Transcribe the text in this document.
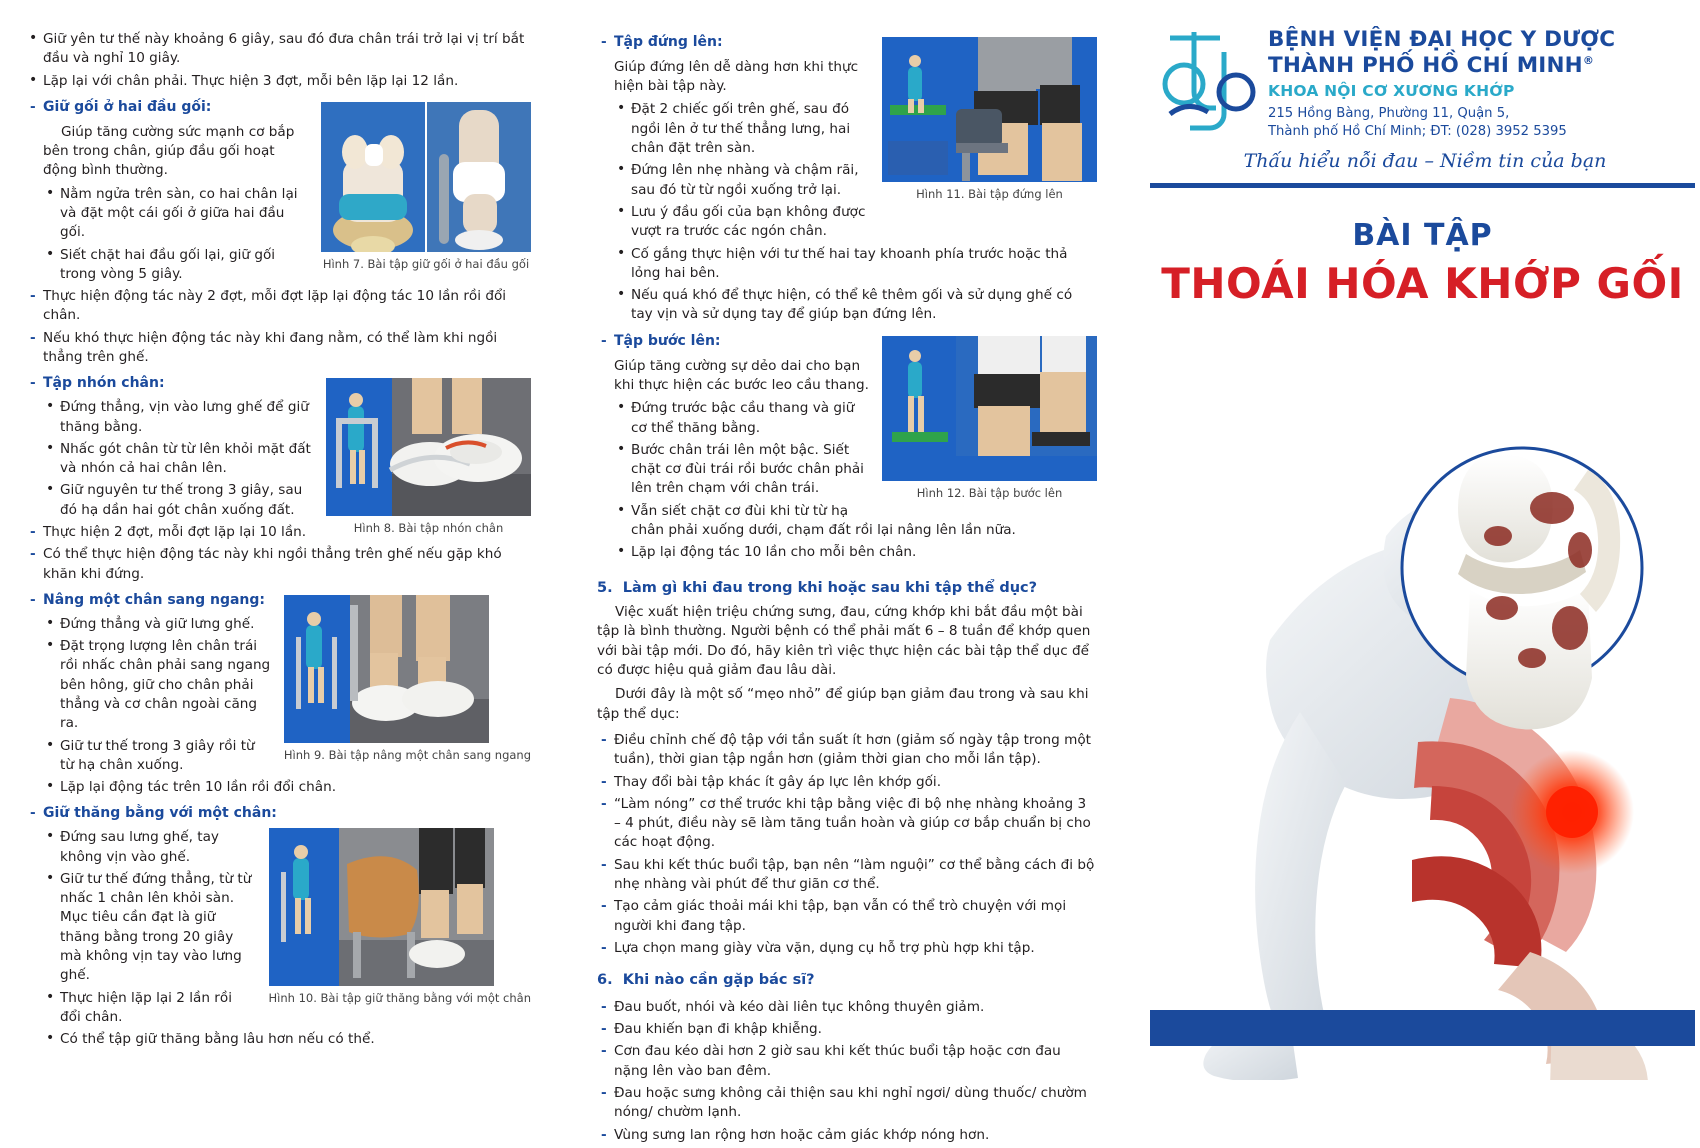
• Giữ yên tư thế này khoảng 6 giây, sau đó đưa chân trái trở lại vị trí bắt đầu và nghỉ 10 giây.
• Lặp lại với chân phải. Thực hiện 3 đợt, mỗi bên lặp lại 12 lần.
- Giữ gối ở hai đầu gối:
Hình 7. Bài tập giữ gối ở hai đầu gối
Giúp tăng cường sức mạnh cơ bắp bên trong chân, giúp đầu gối hoạt động bình thường.
• Nằm ngửa trên sàn, co hai chân lại và đặt một cái gối ở giữa hai đầu gối.
• Siết chặt hai đầu gối lại, giữ gối trong vòng 5 giây.
- Thực hiện động tác này 2 đợt, mỗi đợt lặp lại động tác 10 lần rồi đổi chân.
- Nếu khó thực hiện động tác này khi đang nằm, có thể làm khi ngồi thẳng trên ghế.
- Tập nhón chân:
Hình 8. Bài tập nhón chân
• Đứng thẳng, vịn vào lưng ghế để giữ thăng bằng.
• Nhấc gót chân từ từ lên khỏi mặt đất và nhón cả hai chân lên.
• Giữ nguyên tư thế trong 3 giây, sau đó hạ dần hai gót chân xuống đất.
- Thực hiện 2 đợt, mỗi đợt lặp lại 10 lần.
- Có thể thực hiện động tác này khi ngồi thẳng trên ghế nếu gặp khó khăn khi đứng.
- Nâng một chân sang ngang:
Hình 9. Bài tập nâng một chân sang ngang
• Đứng thẳng và giữ lưng ghế.
• Đặt trọng lượng lên chân trái rồi nhấc chân phải sang ngang bên hông, giữ cho chân phải thẳng và cơ chân ngoài căng ra.
• Giữ tư thế trong 3 giây rồi từ từ hạ chân xuống.
• Lặp lại động tác trên 10 lần rồi đổi chân.
- Giữ thăng bằng với một chân:
Hình 10. Bài tập giữ thăng bằng với một chân
• Đứng sau lưng ghế, tay không vịn vào ghế.
• Giữ tư thế đứng thẳng, từ từ nhấc 1 chân lên khỏi sàn. Mục tiêu cần đạt là giữ thăng bằng trong 20 giây mà không vịn tay vào lưng ghế.
• Thực hiện lặp lại 2 lần rồi đổi chân.
• Có thể tập giữ thăng bằng lâu hơn nếu có thể.
- Tập đứng lên:
Hình 11. Bài tập đứng lên
Giúp đứng lên dễ dàng hơn khi thực hiện bài tập này.
• Đặt 2 chiếc gối trên ghế, sau đó ngồi lên ở tư thế thẳng lưng, hai chân đặt trên sàn.
• Đứng lên nhẹ nhàng và chậm rãi, sau đó từ từ ngồi xuống trở lại.
• Lưu ý đầu gối của bạn không được vượt ra trước các ngón chân.
• Cố gắng thực hiện với tư thế hai tay khoanh phía trước hoặc thả lỏng hai bên.
• Nếu quá khó để thực hiện, có thể kê thêm gối và sử dụng ghế có tay vịn và sử dụng tay để giúp bạn đứng lên.
- Tập bước lên:
Hình 12. Bài tập bước lên
Giúp tăng cường sự dẻo dai cho bạn khi thực hiện các bước leo cầu thang.
• Đứng trước bậc cầu thang và giữ cơ thể thăng bằng.
• Bước chân trái lên một bậc. Siết chặt cơ đùi trái rồi bước chân phải lên trên chạm với chân trái.
• Vẫn siết chặt cơ đùi khi từ từ hạ chân phải xuống dưới, chạm đất rồi lại nâng lên lần nữa.
• Lặp lại động tác 10 lần cho mỗi bên chân.
5. Làm gì khi đau trong khi hoặc sau khi tập thể dục?
Việc xuất hiện triệu chứng sưng, đau, cứng khớp khi bắt đầu một bài tập là bình thường. Người bệnh có thể phải mất 6 – 8 tuần để khớp quen với bài tập mới. Do đó, hãy kiên trì việc thực hiện các bài tập thể dục để có được hiệu quả giảm đau lâu dài.
Dưới đây là một số “mẹo nhỏ” để giúp bạn giảm đau trong và sau khi tập thể dục:
- Điều chỉnh chế độ tập với tần suất ít hơn (giảm số ngày tập trong một tuần), thời gian tập ngắn hơn (giảm thời gian cho mỗi lần tập).
- Thay đổi bài tập khác ít gây áp lực lên khớp gối.
- “Làm nóng” cơ thể trước khi tập bằng việc đi bộ nhẹ nhàng khoảng 3 – 4 phút, điều này sẽ làm tăng tuần hoàn và giúp cơ bắp chuẩn bị cho các hoạt động.
- Sau khi kết thúc buổi tập, bạn nên “làm nguội” cơ thể bằng cách đi bộ nhẹ nhàng vài phút để thư giãn cơ thể.
- Tạo cảm giác thoải mái khi tập, bạn vẫn có thể trò chuyện với mọi người khi đang tập.
- Lựa chọn mang giày vừa vặn, dụng cụ hỗ trợ phù hợp khi tập.
6. Khi nào cần gặp bác sĩ?
- Đau buốt, nhói và kéo dài liên tục không thuyên giảm.
- Đau khiến bạn đi khập khiễng.
- Cơn đau kéo dài hơn 2 giờ sau khi kết thúc buổi tập hoặc cơn đau nặng lên vào ban đêm.
- Đau hoặc sưng không cải thiện sau khi nghỉ ngơi/ dùng thuốc/ chườm nóng/ chườm lạnh.
- Vùng sưng lan rộng hơn hoặc cảm giác khớp nóng hơn.
BỆNH VIỆN ĐẠI HỌC Y DƯỢC
THÀNH PHỐ HỒ CHÍ MINH®
KHOA NỘI CƠ XƯƠNG KHỚP
215 Hồng Bàng, Phường 11, Quận 5,
Thành phố Hồ Chí Minh; ĐT: (028) 3952 5395
Thấu hiểu nỗi đau – Niềm tin của bạn
BÀI TẬP
THOÁI HÓA KHỚP GỐI
